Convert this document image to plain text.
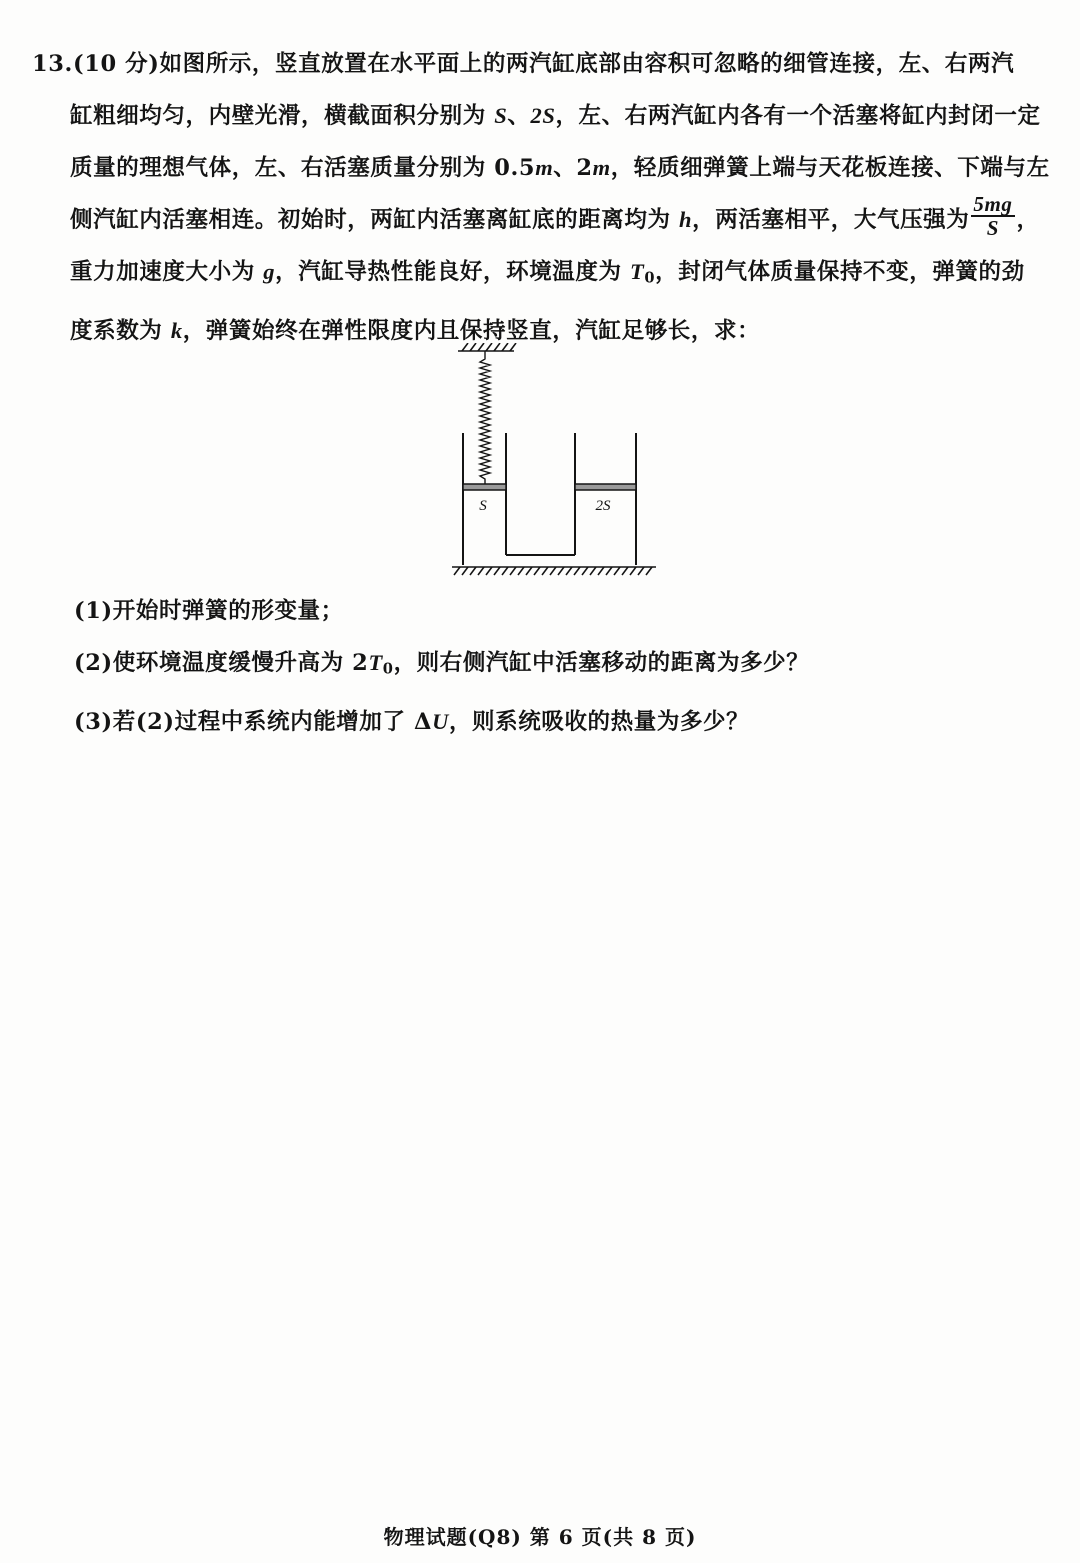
13.(10 分)如图所示，竖直放置在水平面上的两汽缸底部由容积可忽略的细管连接，左、右两汽
缸粗细均匀，内壁光滑，横截面积分别为 S、2S，左、右两汽缸内各有一个活塞将缸内封闭一定
质量的理想气体，左、右活塞质量分别为 0.5m、2m，轻质细弹簧上端与天花板连接、下端与左
侧汽缸内活塞相连。初始时，两缸内活塞离缸底的距离均为 h，两活塞相平，大气压强为 $\frac{5mg}{S}$ ，
重力加速度大小为 g，汽缸导热性能良好，环境温度为 $T_0$，封闭气体质量保持不变，弹簧的劲
度系数为 k，弹簧始终在弹性限度内且保持竖直，汽缸足够长，求：
S	2S
(1)开始时弹簧的形变量；
(2)使环境温度缓慢升高为 $2T_0$，则右侧汽缸中活塞移动的距离为多少？
(3)若(2)过程中系统内能增加了 ΔU，则系统吸收的热量为多少？
物理试题(Q8) 第 6 页(共 8 页)
